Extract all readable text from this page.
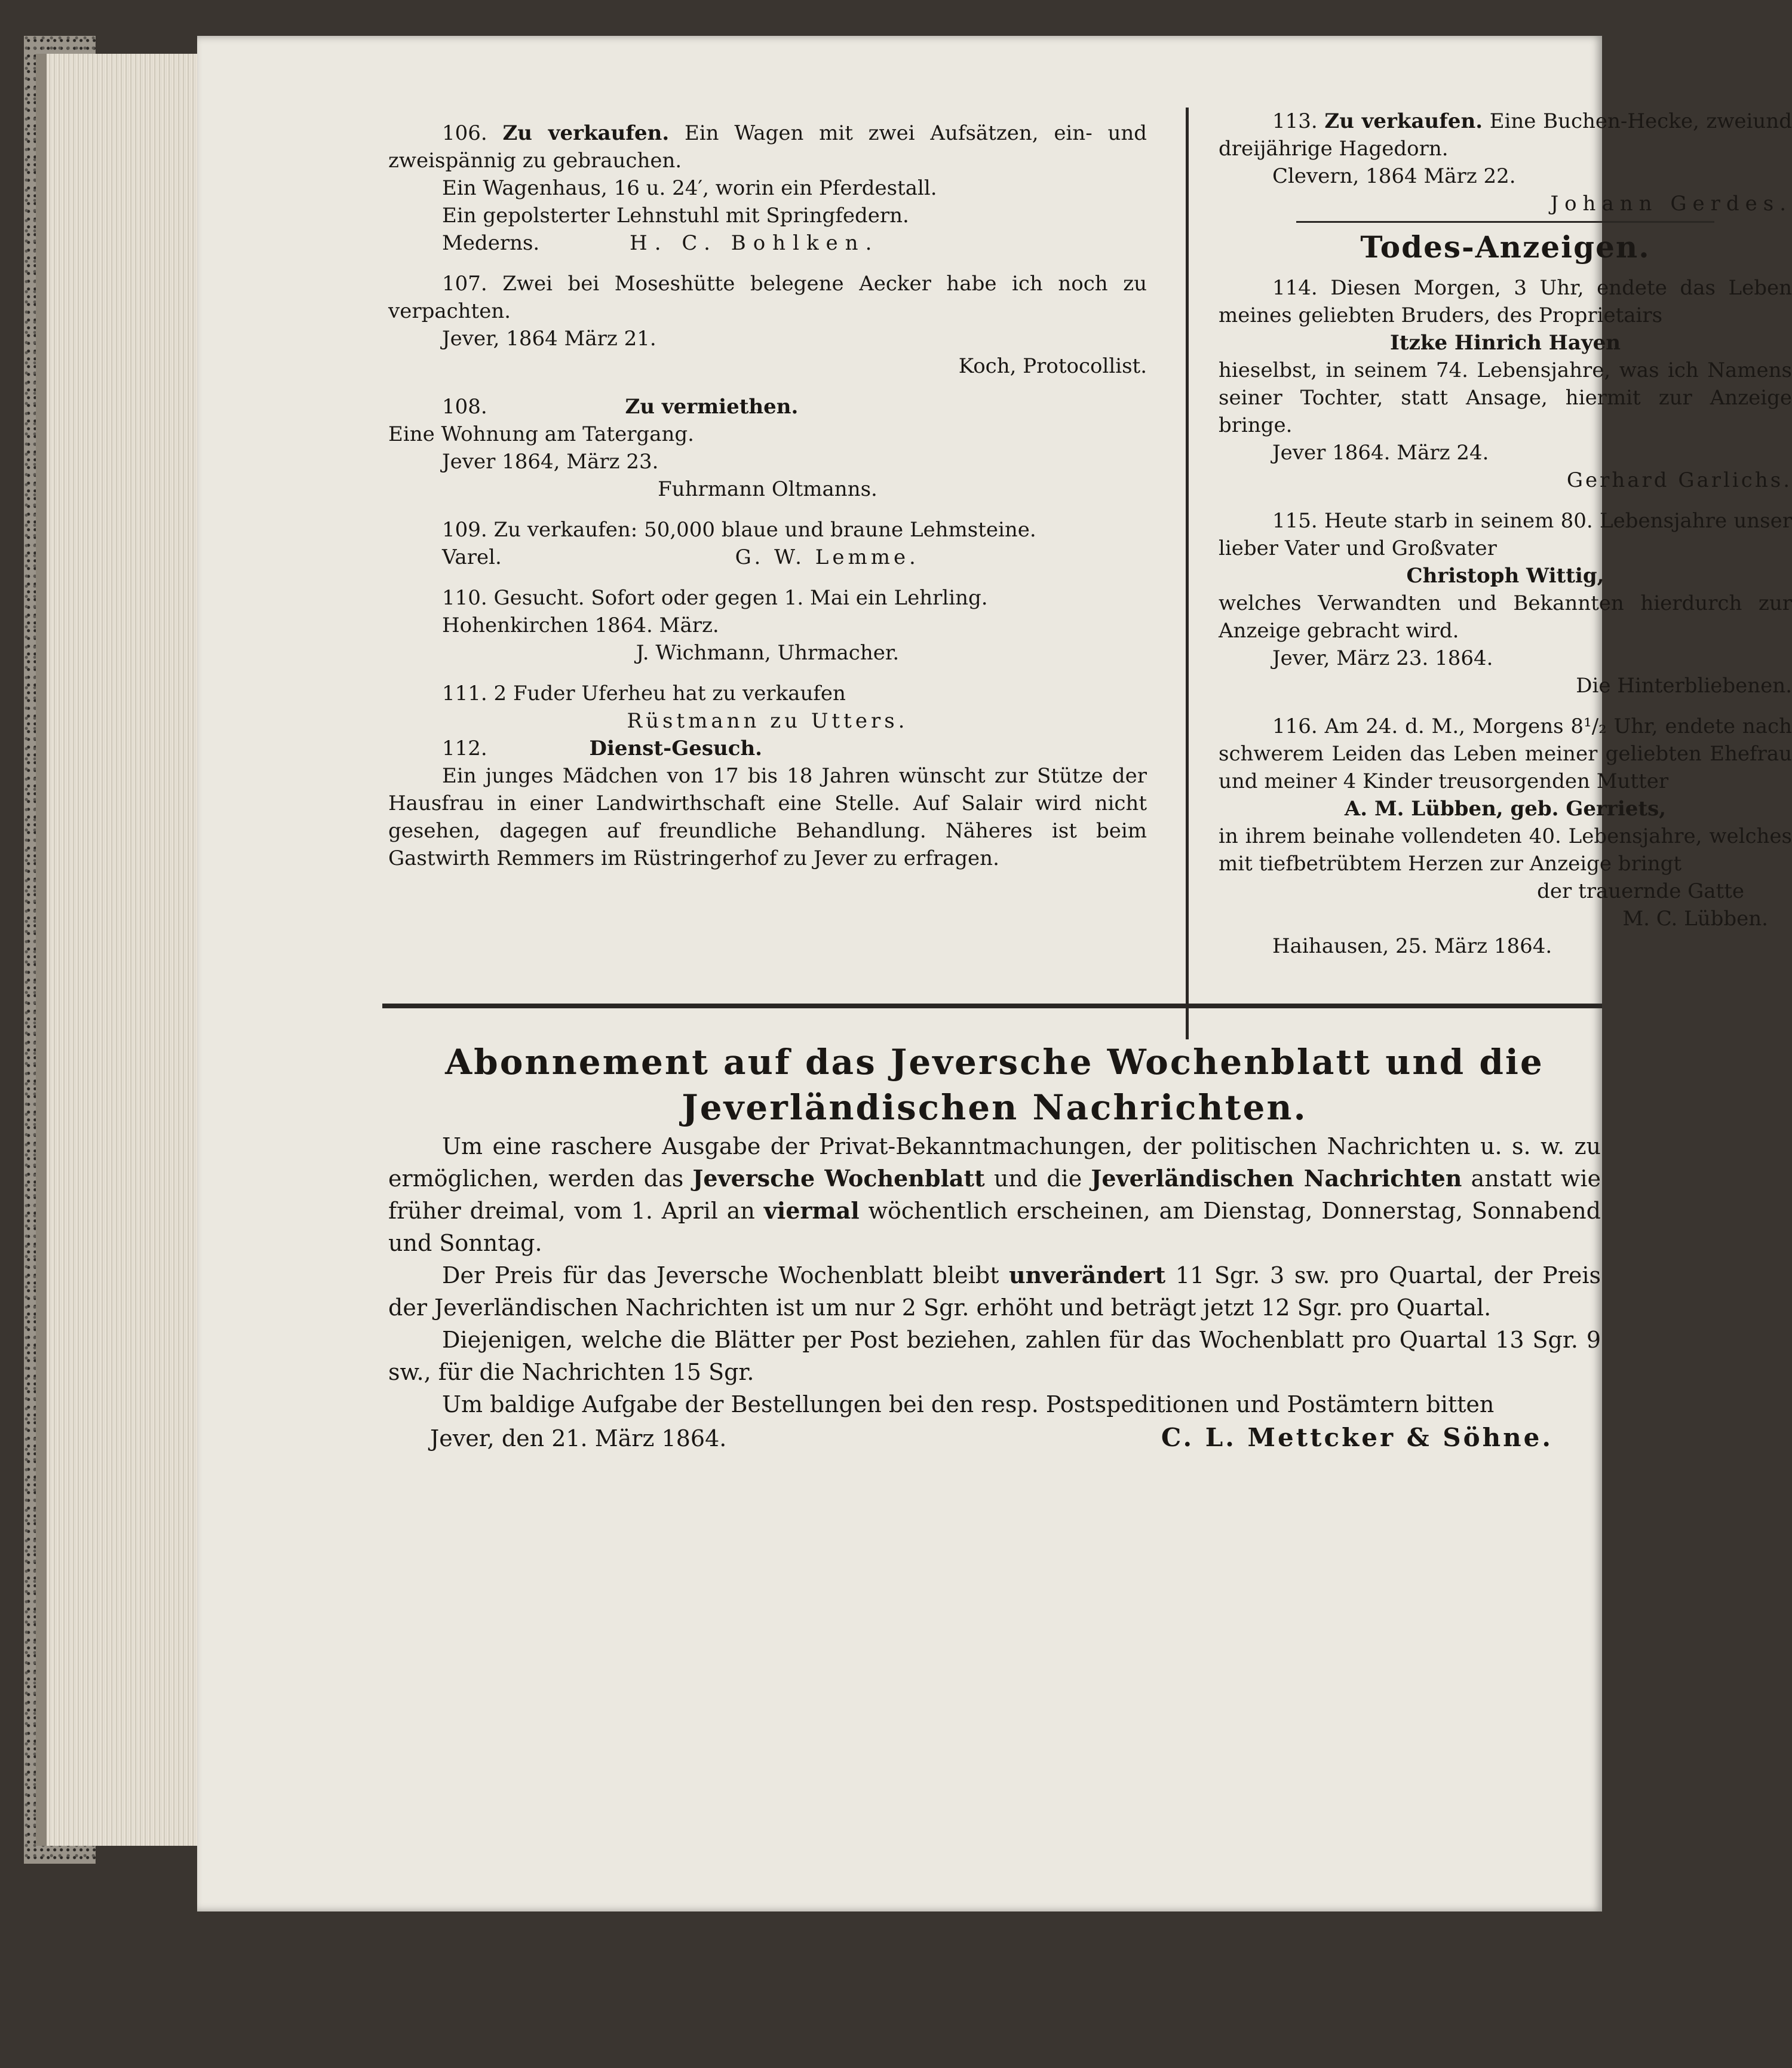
106. Zu verkaufen. Ein Wagen mit zwei Aufsätzen, ein- und zweispännig zu gebrauchen.

Ein Wagenhaus, 16 u. 24′, worin ein Pferdestall.

Ein gepolsterter Lehnstuhl mit Springfedern.

Mederns.	H. C. Bohlken.

107. Zwei bei Moseshütte belegene Aecker habe ich noch zu verpachten.

Jever, 1864 März 21.

Koch, Protocollist.

108.	Zu vermiethen.

Eine Wohnung am Tatergang.

Jever 1864, März 23.

Fuhrmann Oltmanns.

109. Zu verkaufen: 50,000 blaue und braune Lehmsteine.

Varel.	G. W. Lemme.

110. Gesucht. Sofort oder gegen 1. Mai ein Lehrling.

Hohenkirchen 1864. März.

J. Wichmann, Uhrmacher.

111. 2 Fuder Uferheu hat zu verkaufen

Rüstmann zu Utters.

112.	Dienst-Gesuch.

Ein junges Mädchen von 17 bis 18 Jahren wünscht zur Stütze der Hausfrau in einer Landwirthschaft eine Stelle. Auf Salair wird nicht gesehen, dagegen auf freundliche Behandlung. Näheres ist beim Gastwirth Remmers im Rüstringerhof zu Jever zu erfragen.

113. Zu verkaufen. Eine Buchen-Hecke, zweiund dreijährige Hagedorn.

Clevern, 1864 März 22.

Johann Gerdes.

Todes-Anzeigen.

114. Diesen Morgen, 3 Uhr, endete das Leben meines geliebten Bruders, des Proprietairs

Itzke Hinrich Hayen

hieselbst, in seinem 74. Lebensjahre, was ich Namens seiner Tochter, statt Ansage, hiermit zur Anzeige bringe.

Jever 1864. März 24.

Gerhard Garlichs.

115. Heute starb in seinem 80. Lebensjahre unser lieber Vater und Großvater

Christoph Wittig,

welches Verwandten und Bekannten hierdurch zur Anzeige gebracht wird.

Jever, März 23. 1864.

Die Hinterbliebenen.

116. Am 24. d. M., Morgens 8¹/₂ Uhr, endete nach schwerem Leiden das Leben meiner geliebten Ehefrau und meiner 4 Kinder treusorgenden Mutter

A. M. Lübben, geb. Gerriets,

in ihrem beinahe vollendeten 40. Lebensjahre, welches mit tiefbetrübtem Herzen zur Anzeige bringt

der trauernde Gatte

M. C. Lübben.

Haihausen, 25. März 1864.

Abonnement auf das Jeversche Wochenblatt und die

Jeverländischen Nachrichten.

Um eine raschere Ausgabe der Privat-Bekanntmachungen, der politischen Nachrichten u. s. w. zu ermöglichen, werden das Jeversche Wochenblatt und die Jeverländischen Nachrichten anstatt wie früher dreimal, vom 1. April an viermal wöchentlich erscheinen, am Dienstag, Donnerstag, Sonnabend und Sonntag.

Der Preis für das Jeversche Wochenblatt bleibt unverändert 11 Sgr. 3 sw. pro Quartal, der Preis der Jeverländischen Nachrichten ist um nur 2 Sgr. erhöht und beträgt jetzt 12 Sgr. pro Quartal.

Diejenigen, welche die Blätter per Post beziehen, zahlen für das Wochenblatt pro Quartal 13 Sgr. 9 sw., für die Nachrichten 15 Sgr.

Um baldige Aufgabe der Bestellungen bei den resp. Postspeditionen und Postämtern bitten

Jever, den 21. März 1864.	C. L. Mettcker & Söhne.
